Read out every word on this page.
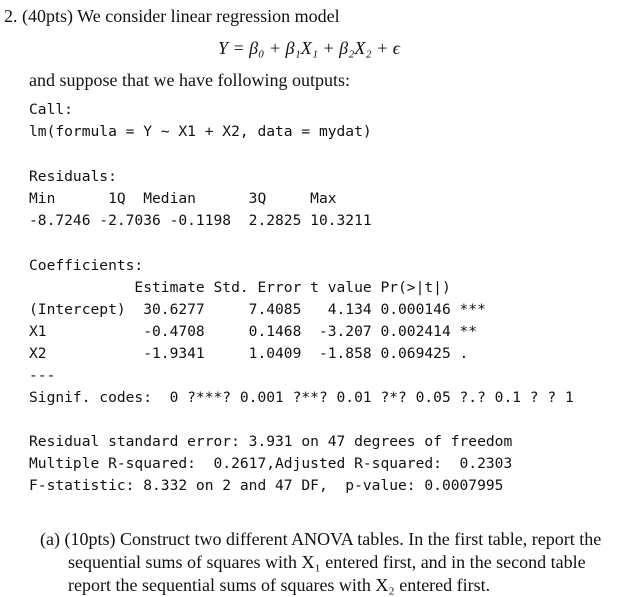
2. (40pts) We consider linear regression model
Y = β₀ + β₁X₁ + β₂X₂ + ϵ
and suppose that we have following outputs:
Call:
lm(formula = Y ~ X1 + X2, data = mydat)
Residuals:
Min      1Q  Median      3Q     Max
-8.7246 -2.7036 -0.1198  2.2825 10.3211
Coefficients:
Estimate Std. Error t value Pr(>|t|)
(Intercept)  30.6277     7.4085   4.134 0.000146 ***
X1           -0.4708     0.1468  -3.207 0.002414 **
X2           -1.9341     1.0409  -1.858 0.069425 .
---
Signif. codes:  0 ?***? 0.001 ?**? 0.01 ?*? 0.05 ?.? 0.1 ? ? 1
Residual standard error: 3.931 on 47 degrees of freedom
Multiple R-squared:  0.2617,Adjusted R-squared:  0.2303
F-statistic: 8.332 on 2 and 47 DF,  p-value: 0.0007995
(a) (10pts) Construct two different ANOVA tables. In the first table, report the sequential sums of squares with X₁ entered first, and in the second table report the sequential sums of squares with X₂ entered first.
